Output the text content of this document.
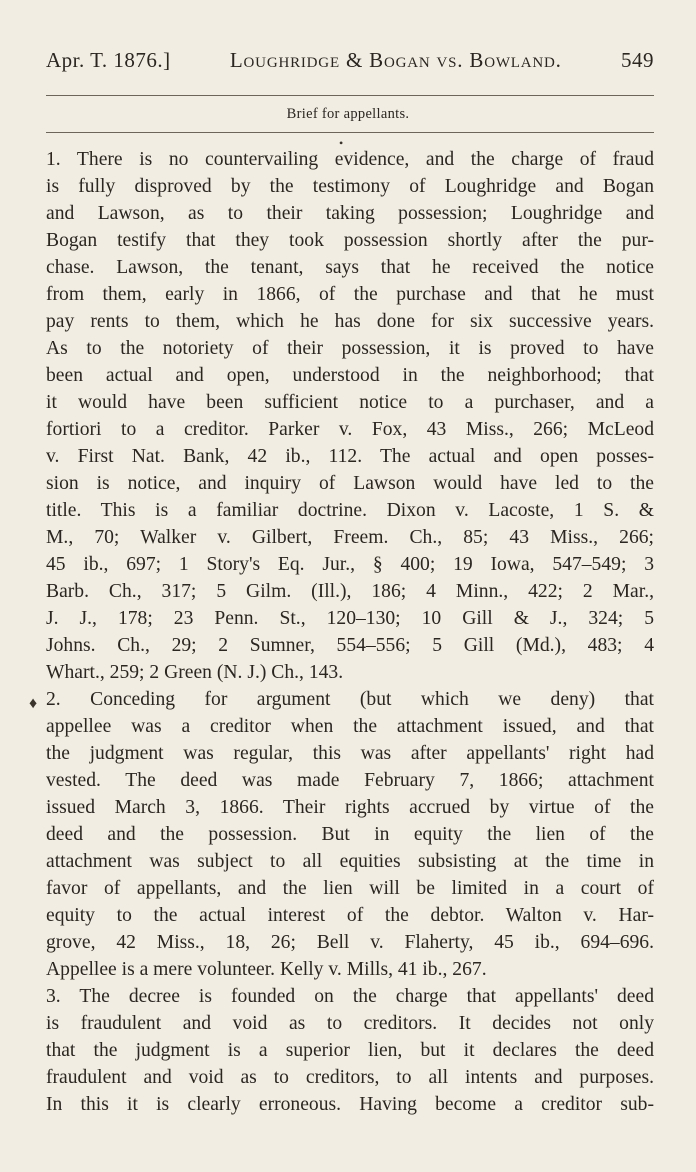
Apr. T. 1876.]	Loughridge & Bogan vs. Bowland.	549
Brief for appellants.
•
♦
1. There is no countervailing evidence, and the charge of fraud
is fully disproved by the testimony of Loughridge and Bogan
and Lawson, as to their taking possession; Loughridge and
Bogan testify that they took possession shortly after the pur-
chase. Lawson, the tenant, says that he received the notice
from them, early in 1866, of the purchase and that he must
pay rents to them, which he has done for six successive years.
As to the notoriety of their possession, it is proved to have
been actual and open, understood in the neighborhood; that
it would have been sufficient notice to a purchaser, and a
fortiori to a creditor. Parker v. Fox, 43 Miss., 266; McLeod
v. First Nat. Bank, 42 ib., 112. The actual and open posses-
sion is notice, and inquiry of Lawson would have led to the
title. This is a familiar doctrine. Dixon v. Lacoste, 1 S. &
M., 70; Walker v. Gilbert, Freem. Ch., 85; 43 Miss., 266;
45 ib., 697; 1 Story's Eq. Jur., § 400; 19 Iowa, 547–549; 3
Barb. Ch., 317; 5 Gilm. (Ill.), 186; 4 Minn., 422; 2 Mar.,
J. J., 178; 23 Penn. St., 120–130; 10 Gill & J., 324; 5
Johns. Ch., 29; 2 Sumner, 554–556; 5 Gill (Md.), 483; 4
Whart., 259; 2 Green (N. J.) Ch., 143.
2. Conceding for argument (but which we deny) that
appellee was a creditor when the attachment issued, and that
the judgment was regular, this was after appellants' right had
vested. The deed was made February 7, 1866; attachment
issued March 3, 1866. Their rights accrued by virtue of the
deed and the possession. But in equity the lien of the
attachment was subject to all equities subsisting at the time in
favor of appellants, and the lien will be limited in a court of
equity to the actual interest of the debtor. Walton v. Har-
grove, 42 Miss., 18, 26; Bell v. Flaherty, 45 ib., 694–696.
Appellee is a mere volunteer. Kelly v. Mills, 41 ib., 267.
3. The decree is founded on the charge that appellants' deed
is fraudulent and void as to creditors. It decides not only
that the judgment is a superior lien, but it declares the deed
fraudulent and void as to creditors, to all intents and purposes.
In this it is clearly erroneous. Having become a creditor sub-
